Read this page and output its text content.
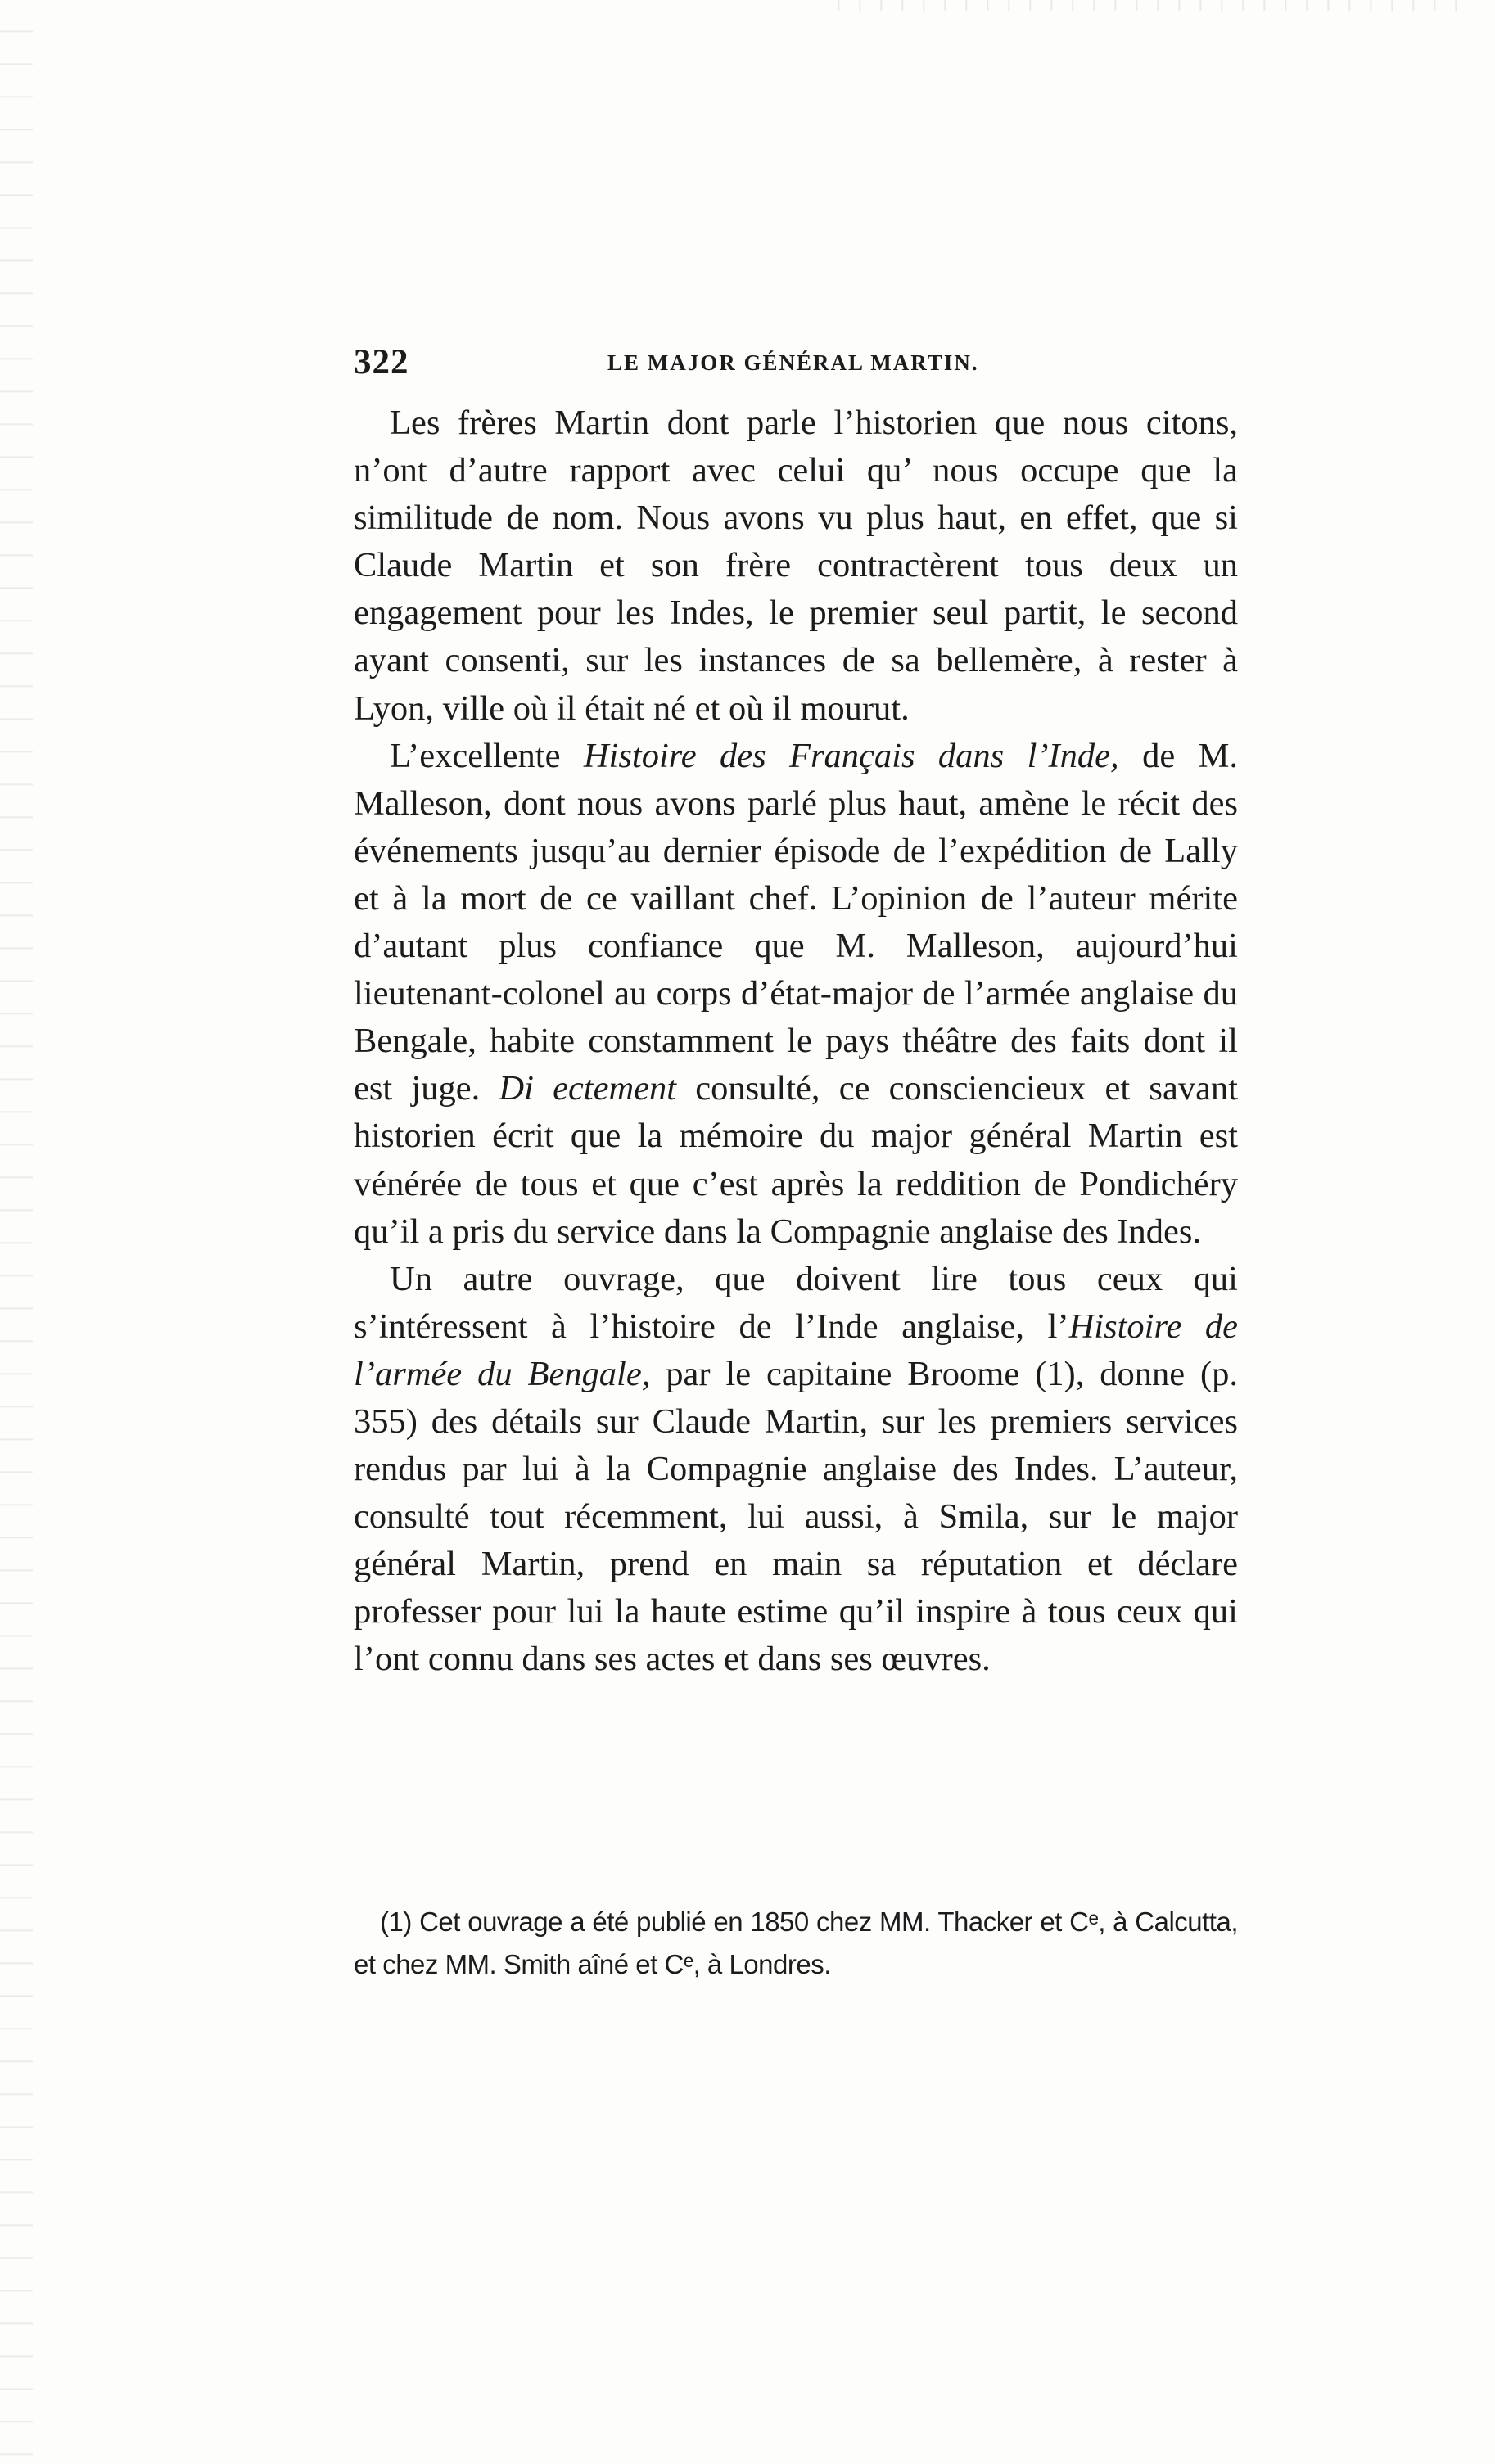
322	LE MAJOR GÉNÉRAL MARTIN.

Les frères Martin dont parle l’historien que nous citons, n’ont d’autre rapport avec celui qu’ nous occupe que la similitude de nom. Nous avons vu plus haut, en effet, que si Claude Martin et son frère contractèrent tous deux un engagement pour les Indes, le premier seul partit, le second ayant consenti, sur les instances de sa bellemère, à rester à Lyon, ville où il était né et où il mourut.

L’excellente Histoire des Français dans l’Inde, de M. Malleson, dont nous avons parlé plus haut, amène le récit des événements jusqu’au dernier épisode de l’expédition de Lally et à la mort de ce vaillant chef. L’opinion de l’auteur mérite d’autant plus confiance que M. Malleson, aujourd’hui lieutenant-colonel au corps d’état-major de l’armée anglaise du Bengale, habite constamment le pays théâtre des faits dont il est juge. Di ectement consulté, ce consciencieux et savant historien écrit que la mémoire du major général Martin est vénérée de tous et que c’est après la reddition de Pondichéry qu’il a pris du service dans la Compagnie anglaise des Indes.

Un autre ouvrage, que doivent lire tous ceux qui s’intéressent à l’histoire de l’Inde anglaise, l’Histoire de l’armée du Bengale, par le capitaine Broome (1), donne (p. 355) des détails sur Claude Martin, sur les premiers services rendus par lui à la Compagnie anglaise des Indes. L’auteur, consulté tout récemment, lui aussi, à Smila, sur le major général Martin, prend en main sa réputation et déclare professer pour lui la haute estime qu’il inspire à tous ceux qui l’ont connu dans ses actes et dans ses œuvres.

(1) Cet ouvrage a été publié en 1850 chez MM. Thacker et Cᵉ, à Calcutta, et chez MM. Smith aîné et Cᵉ, à Londres.
